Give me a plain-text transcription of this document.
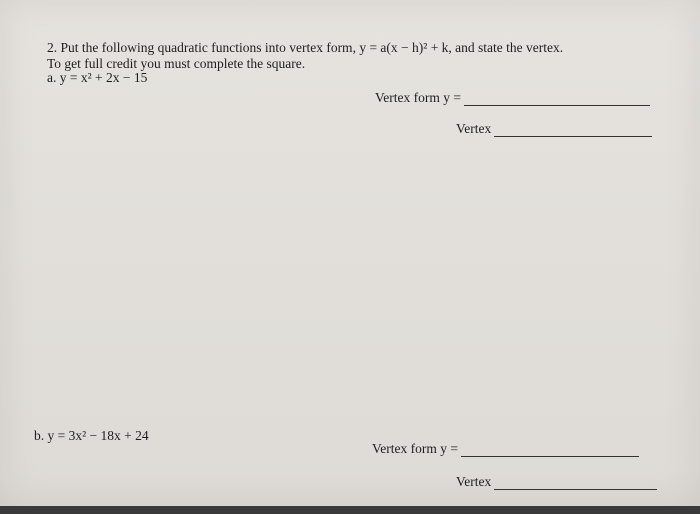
2. Put the following quadratic functions into vertex form, y = a(x − h)² + k, and state the vertex.
To get full credit you must complete the square.
a. y = x² + 2x − 15
Vertex form y =
Vertex
b. y = 3x² − 18x + 24
Vertex form y =
Vertex
